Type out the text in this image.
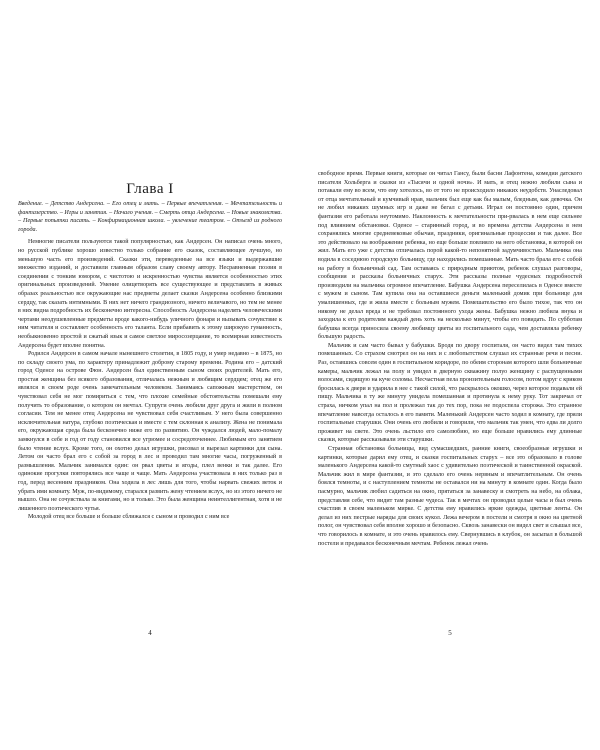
Глава I
Введение. – Детство Андерсена. – Его отец и мать. – Первые впечатления. – Мечтательность и фантазерство. – Игры и занятия. – Начало учения. – Смерть отца Андерсена. – Новые знакомства. – Первые попытки писать. – Конфирмационная школа. – увлечение театром. – Отъезд из родного города.

Немногие писатели пользуются такой популярностью, как Андерсен. Он написал очень много, но русской публике хорошо известно только собрание его сказок, составляющее лучшую, но меньшую часть его произведений. Сказки эти, переведенные на все языки и выдержавшие множество изданий, и доставили главным образом славу своему автору. Несравненная поэзия в соединении с тонким юмором, с чистотою и искренностью чувства является особенностью этих оригинальных произведений. Умение олицетворять все существующее и представлять в живых образах реальностью все окружающие нас предметы делает сказки Андерсена особенно близкими сердцу, так сказать интимными. В них нет ничего грандиозного, ничего величавого, но тем не менее в них видна подробность их бесконечно интересна. Способность Андерсена наделять человеческими чертами неодушевленные предметы вроде какого-нибудь уличного фонаря и вызывать сочувствие к ним читателя и составляет особенность его таланта. Если прибавить к этому широкую гуманность, необыкновенно простой и сжатый язык и самое светлое миросозерцание, то всемирная известность Андерсена будет вполне понятна.

Родился Андерсен в самом начале нынешнего столетия, в 1805 году, и умер недавно – в 1875, но по складу своего ума, по характеру принадлежит доброму старому времени. Родина его – датский город Оденсе на острове Фюн. Андерсен был единственным сыном своих родителей. Мать его, простая женщина без всякого образования, отличалась нежным и любящим сердцем; отец же его являлся в своем роде очень замечательным человеком. Занимаясь сапожным мастерством, он чувствовал себя не мог помириться с тем, что плохие семейные обстоятельства помешали ему получить то образование, о котором он мечтал. Супруги очень любили друг друга и жили в полном согласии. Тем не менее отец Андерсена не чувствовал себя счастливым. У него была совершенно исключительная натура, глубоко поэтическая и вместе с тем склонная к анализу. Жена не понимала его, окружающая среда была бесконечно ниже его по развитию. Он чуждался людей, мало-помалу замкнулся в себе и год от году становился все угрюмее и сосредоточеннее. Любимым его занятием было чтение вслух. Кроме того, он охотно делал игрушки, рисовал и вырезал картинки для сына. Летом он часто брал его с собой за город в лес и проводил там многие часы, погруженный в размышления. Мальчик занимался один: он рвал цветы и ягоды, плел венки и так далее. Его одинокие прогулки повторялись все чаще и чаще. Мать Андерсена участвовала в них только раз в год, перед весенним праздником. Она ходила в лес лишь для того, чтобы нарвать свежих веток и убрать ими комнату. Муж, по-видимому, старался развить жену чтением вслух, но из этого ничего не вышло. Она не сочувствала за книгами, но и только. Это была женщина неинтеллигентная, хотя и не лишенного поэтического чутья.

Молодой отец все больше и больше сближался с сыном и проводил с ним все

4

свободное время. Первые книги, которые он читал Гансу, были басни Лафонтена, комедии датского писателя Хольберга и сказки из «Тысячи и одной ночи». И мать, и отец нежно любили сына и потакали ему во всем, что ему хотелось, во от того не происходило никаких неудобств. Унаследовал от отца мечтательный и кумчивый нрав, мальчик был еще как бы малым, бледным, как девочка. Он не любил никаких шумных игр и даже не бегал с детьми. Играл он постоянно один, причем фантазия его работала неутомимо. Наклонность к мечтательности при-рвалась в нем еще сильнее под влиянием обстановки. Оденсе – старинный город, и во времена детства Андерсена в нем сохранялись многие средневековые обычаи, праздники, оригинальные процессии и так далее. Все это действовало на воображение ребенка, но еще больше повлияло на него обстановка, в которой он жил. Мать его уже с детства отличалась порой какой-то непонятной задумчивостью. Мальчика она водила в соседнюю городскую больницу, где находились помешанные. Мать часто брала его с собой на работу в больничный сад. Там оставаясь с природным приютом, ребенок слушал разговоры, сообщения и рассказы больничных старух. Эти рассказы полные чудесных подробностей производили на мальчика огромное впечатление. Бабушка Андерсена переселилась в Оденсе вместе с мужем и сыном. Там купила она на оставшиеся деньги маленький домик при больнице для умалишенных, где и жила вместе с больным мужем. Помешательство его было тихое, так что он никому не делал вреда и не требовал постоянного ухода жены. Бабушка нежно любила внука и заходила к его родителям каждый день хоть на несколько минут, чтобы его повидать. По субботам бабушка всегда приносила своему любимцу цветы из госпитального сада, чем доставляла ребенку большую радость.

Мальчик и сам часто бывал у бабушки. Бродя по двору госпиталя, он часто видел там тихих помешанных. Со страхом смотрел он на них и с любопытством слушал их странные речи и песни. Раз, оставшись совсем один в госпитальном коридоре, по обеим сторонам которого шли больничные камеры, мальчик лежал на полу и увидел в дверную скважину полуо женщину с распущенными волосами, сидящую на куче соломы. Несчастная пела пронзительным голосом, потом вдруг с криком бросилась к двери и ударила в нее с такой силой, что раскрылось окошко, через которое подавали ей пищу. Мальчика в ту же минуту увидела помешанная и протянула к нему руку. Тот закричал от страха, ничком упал на пол и пролежал так до тех пор, пока не подоспела сторожа. Это странное впечатление навсегда осталось в его памяти. Маленький Андерсен часто ходил в комнату, где пряли госпитальные старушки. Они очень его любили и говорили, что мальчик так умен, что едва ли долго проживет на свете. Это очень льстило его самолюбию, но еще больше нравились ему длинные сказки, которые рассказывали эти старушки.

Странная обстановка больницы, вид сумасшедших, ранние книги, своеобразные игрушки и картинки, которые дарил ему отец, и сказки госпитальных старух – все это образовало в голове маленького Андерсена какой-то смутный хаос с удивительно поэтической и таинственной окраской. Мальчик жил в мире фантазии, и это сделало его очень нервным и впечатлительным. Он очень боялся темноты, и с наступлением темноты не оставался ни на минуту в комнате один. Когда было пасмурно, мальчик любил садиться на окно, прятаться за занавеску и смотреть на небо, на облака, представляя себе, что видит там разные чудеса. Так в мечтах он проводил целые часы и был очень счастлив в своем маленьком мирке. С детства ему нравились яркие одежды, цветные ленты. Он делал из них пестрые наряды для своих кукол. Лежа вечером в постели и смотря в окно на цветной полог, он чувствовал себя вполне хорошо и безопасно. Сквозь занавески он видел свет и слышал все, что говорилось в комнате, и это очень нравилось ему. Свернувшись в клубок, он засыпал в большой постели и предавался бесконечным мечтам. Ребенок лежал очень

5
